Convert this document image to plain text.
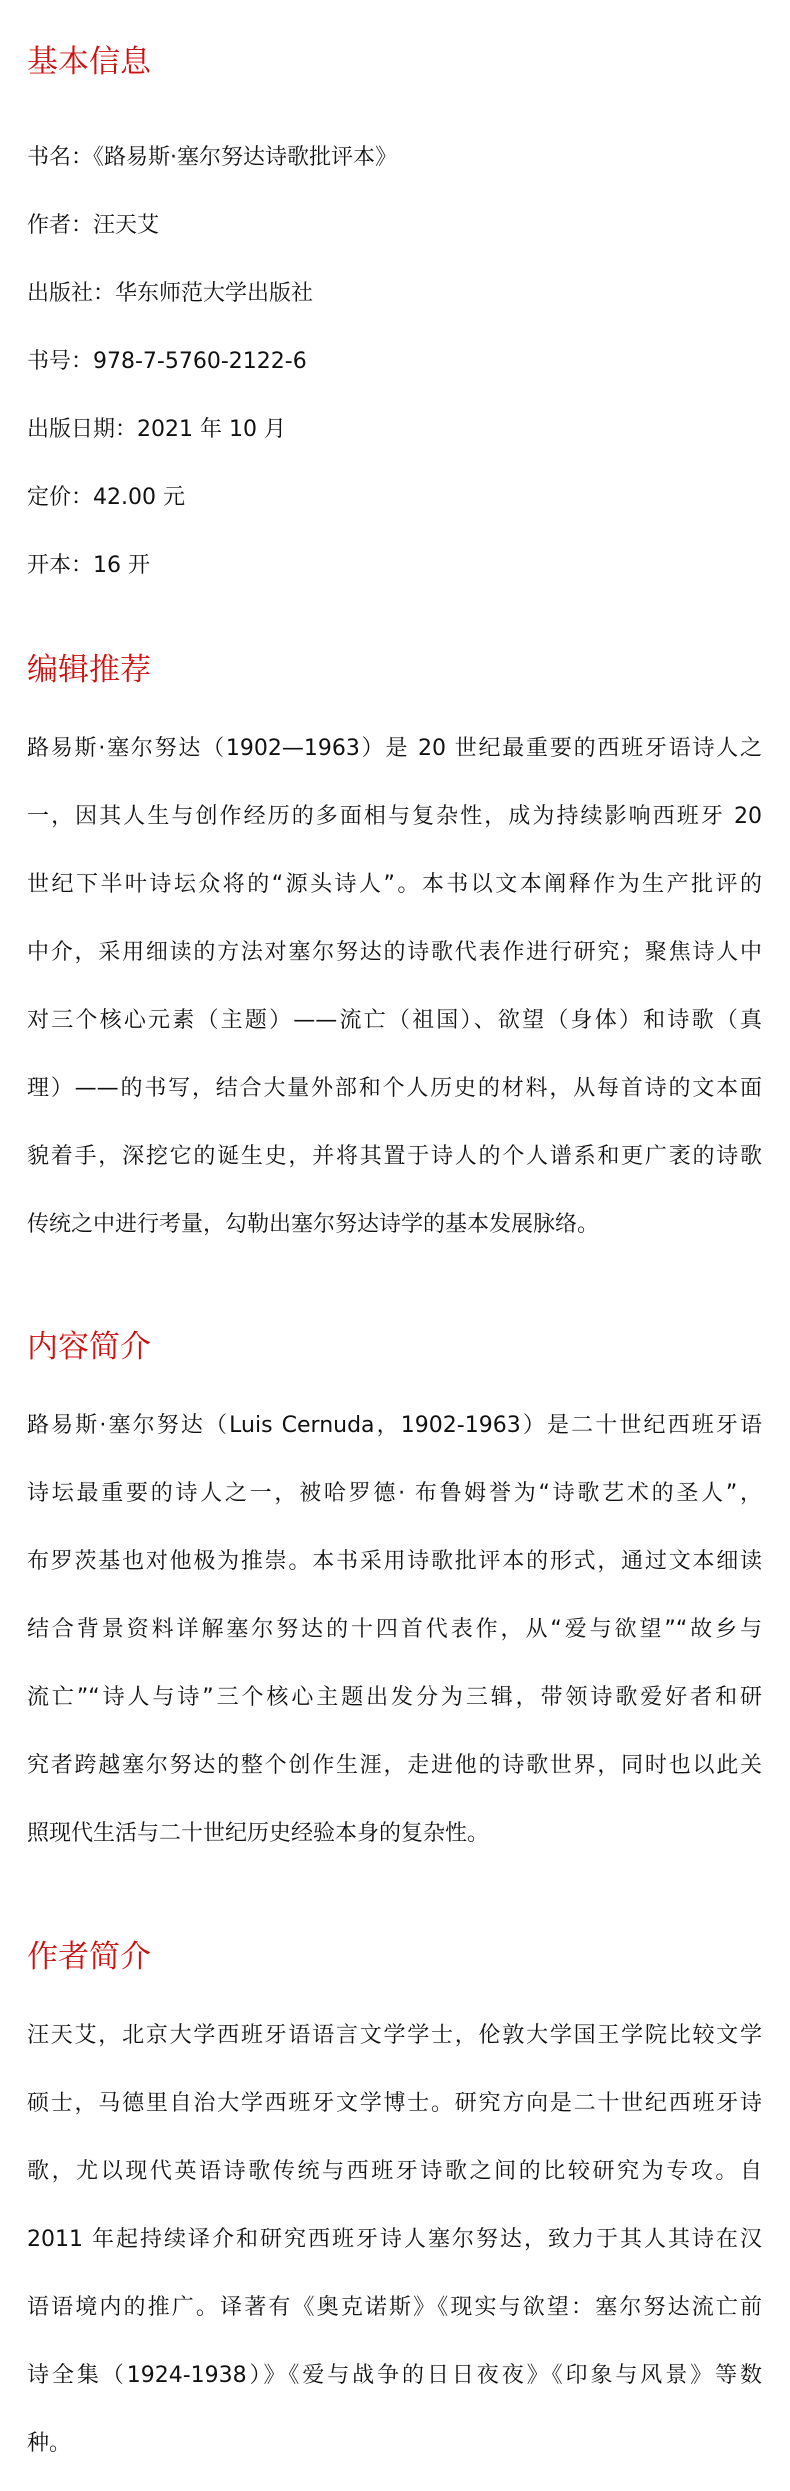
基本信息
书名：《路易斯·塞尔努达诗歌批评本》
作者：汪天艾
出版社：华东师范大学出版社
书号：978-7-5760-2122-6
出版日期：2021 年 10 月
定价：42.00 元
开本：16 开
编辑推荐

路易斯·塞尔努达（1902—1963）是 20 世纪最重要的西班牙语诗人之
一，因其人生与创作经历的多面相与复杂性，成为持续影响西班牙 20
世纪下半叶诗坛众将的“源头诗人”。本书以文本阐释作为生产批评的
中介，采用细读的方法对塞尔努达的诗歌代表作进行研究；聚焦诗人中
对三个核心元素（主题）——流亡（祖国）、欲望（身体）和诗歌（真
理）——的书写，结合大量外部和个人历史的材料，从每首诗的文本面
貌着手，深挖它的诞生史，并将其置于诗人的个人谱系和更广袤的诗歌
传统之中进行考量，勾勒出塞尔努达诗学的基本发展脉络。

内容简介

路易斯·塞尔努达（Luis Cernuda，1902-1963）是二十世纪西班牙语
诗坛最重要的诗人之一，被哈罗德· 布鲁姆誉为“诗歌艺术的圣人”，
布罗茨基也对他极为推崇。本书采用诗歌批评本的形式，通过文本细读
结合背景资料详解塞尔努达的十四首代表作，从“爱与欲望”“故乡与
流亡”“诗人与诗”三个核心主题出发分为三辑，带领诗歌爱好者和研
究者跨越塞尔努达的整个创作生涯，走进他的诗歌世界，同时也以此关
照现代生活与二十世纪历史经验本身的复杂性。

作者简介

汪天艾，北京大学西班牙语语言文学学士，伦敦大学国王学院比较文学
硕士，马德里自治大学西班牙文学博士。研究方向是二十世纪西班牙诗
歌，尤以现代英语诗歌传统与西班牙诗歌之间的比较研究为专攻。自
2011 年起持续译介和研究西班牙诗人塞尔努达，致力于其人其诗在汉
语语境内的推广。译著有《奥克诺斯》《现实与欲望：塞尔努达流亡前
诗全集（1924-1938）》《爱与战争的日日夜夜》《印象与风景》等数
种。
